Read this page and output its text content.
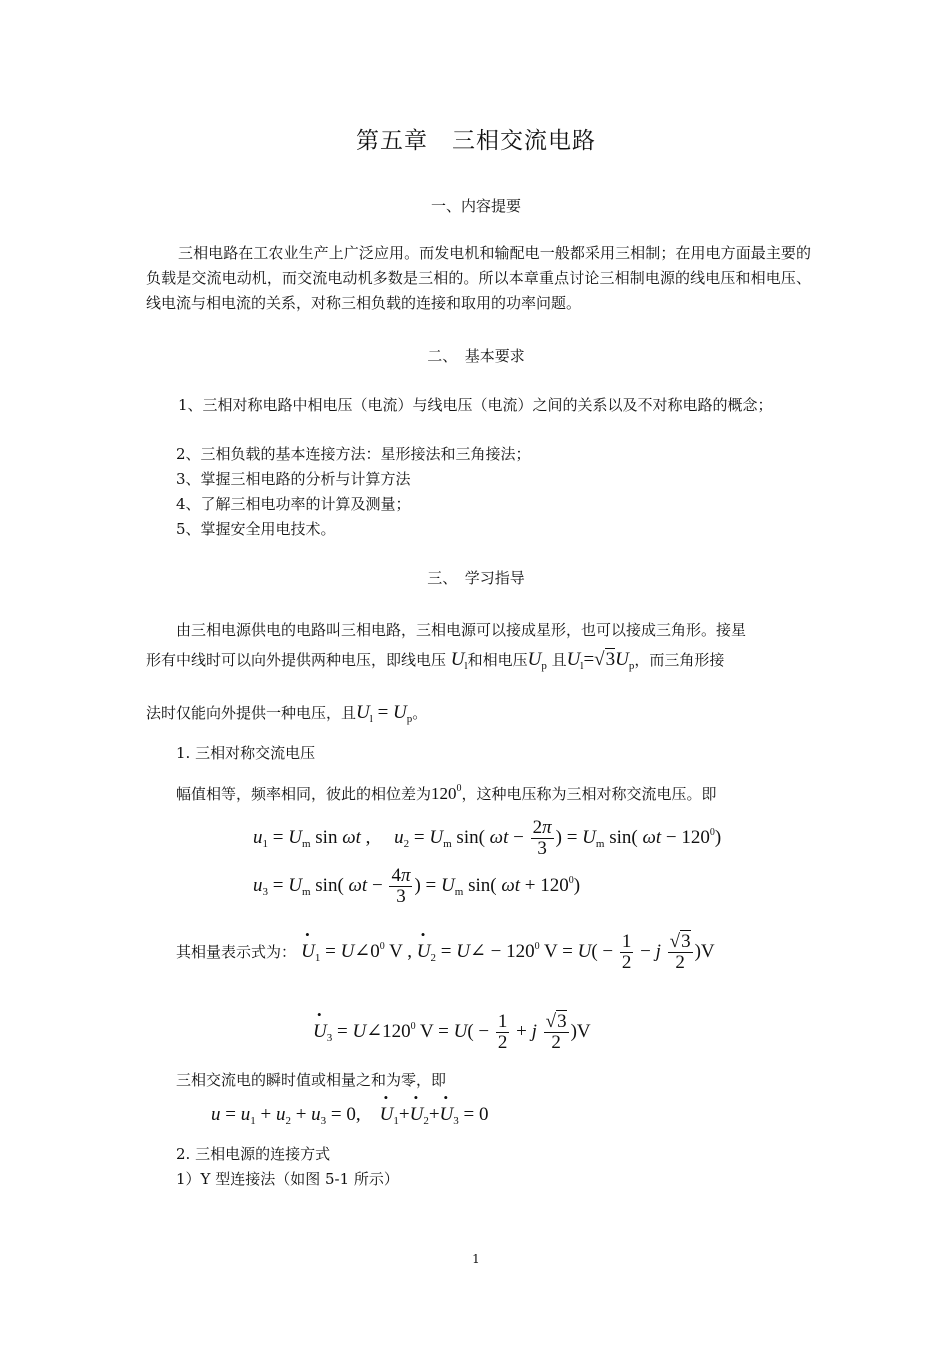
第五章　三相交流电路
一、内容提要
三相电路在工农业生产上广泛应用。而发电机和输配电一般都采用三相制；在用电方面最主要的负载是交流电动机，而交流电动机多数是三相的。所以本章重点讨论三相制电源的线电压和相电压、线电流与相电流的关系，对称三相负载的连接和取用的功率问题。
二、　基本要求
1、三相对称电路中相电压（电流）与线电压（电流）之间的关系以及不对称电路的概念；
2、三相负载的基本连接方法：星形接法和三角接法；
3、掌握三相电路的分析与计算方法
4、了解三相电功率的计算及测量；
5、掌握安全用电技术。
三、　学习指导
由三相电源供电的电路叫三相电路，三相电源可以接成星形，也可以接成三角形。接星
形有中线时可以向外提供两种电压，即线电压 $U_l$和相电压$U_p$ 且$U_l=√3U_p$，而三角形接
法时仅能向外提供一种电压，且$U_l = U_p$。
1. 三相对称交流电压
幅值相等，频率相同，彼此的相位差为$120^0$，这种电压称为三相对称交流电压。即
$u_1 = U_m$ sin ωt ,     $u_2 = U_m$ sin( $\omega t - \frac{2\pi}{3}$ ) = $U_m$ sin( $\omega t - 120^0$)
$u_3 = U_m$ sin( $\omega t - \frac{4\pi}{3}$ ) = $U_m$ sin( $\omega t + 120^0$)
其相量表示式为： • $U_1$ = $U\angle 0^0$ V , • $U_2$ = U∠ − $120^0$ $V = U( - \frac{1}{2} - j \frac{√3}{2} )V$
• $U_3$ = $U\angle 120^0$ $V = U( - \frac{1}{2} + j \frac{√3}{2} )V$
三相交流电的瞬时值或相量之和为零，即
$u = u_1 + u_2 + u_3 = 0$,    • $U_1+•$ $U_2+•$ $U_3 = 0$
2. 三相电源的连接方式
1）Y 型连接法（如图 5-1 所示）
1
